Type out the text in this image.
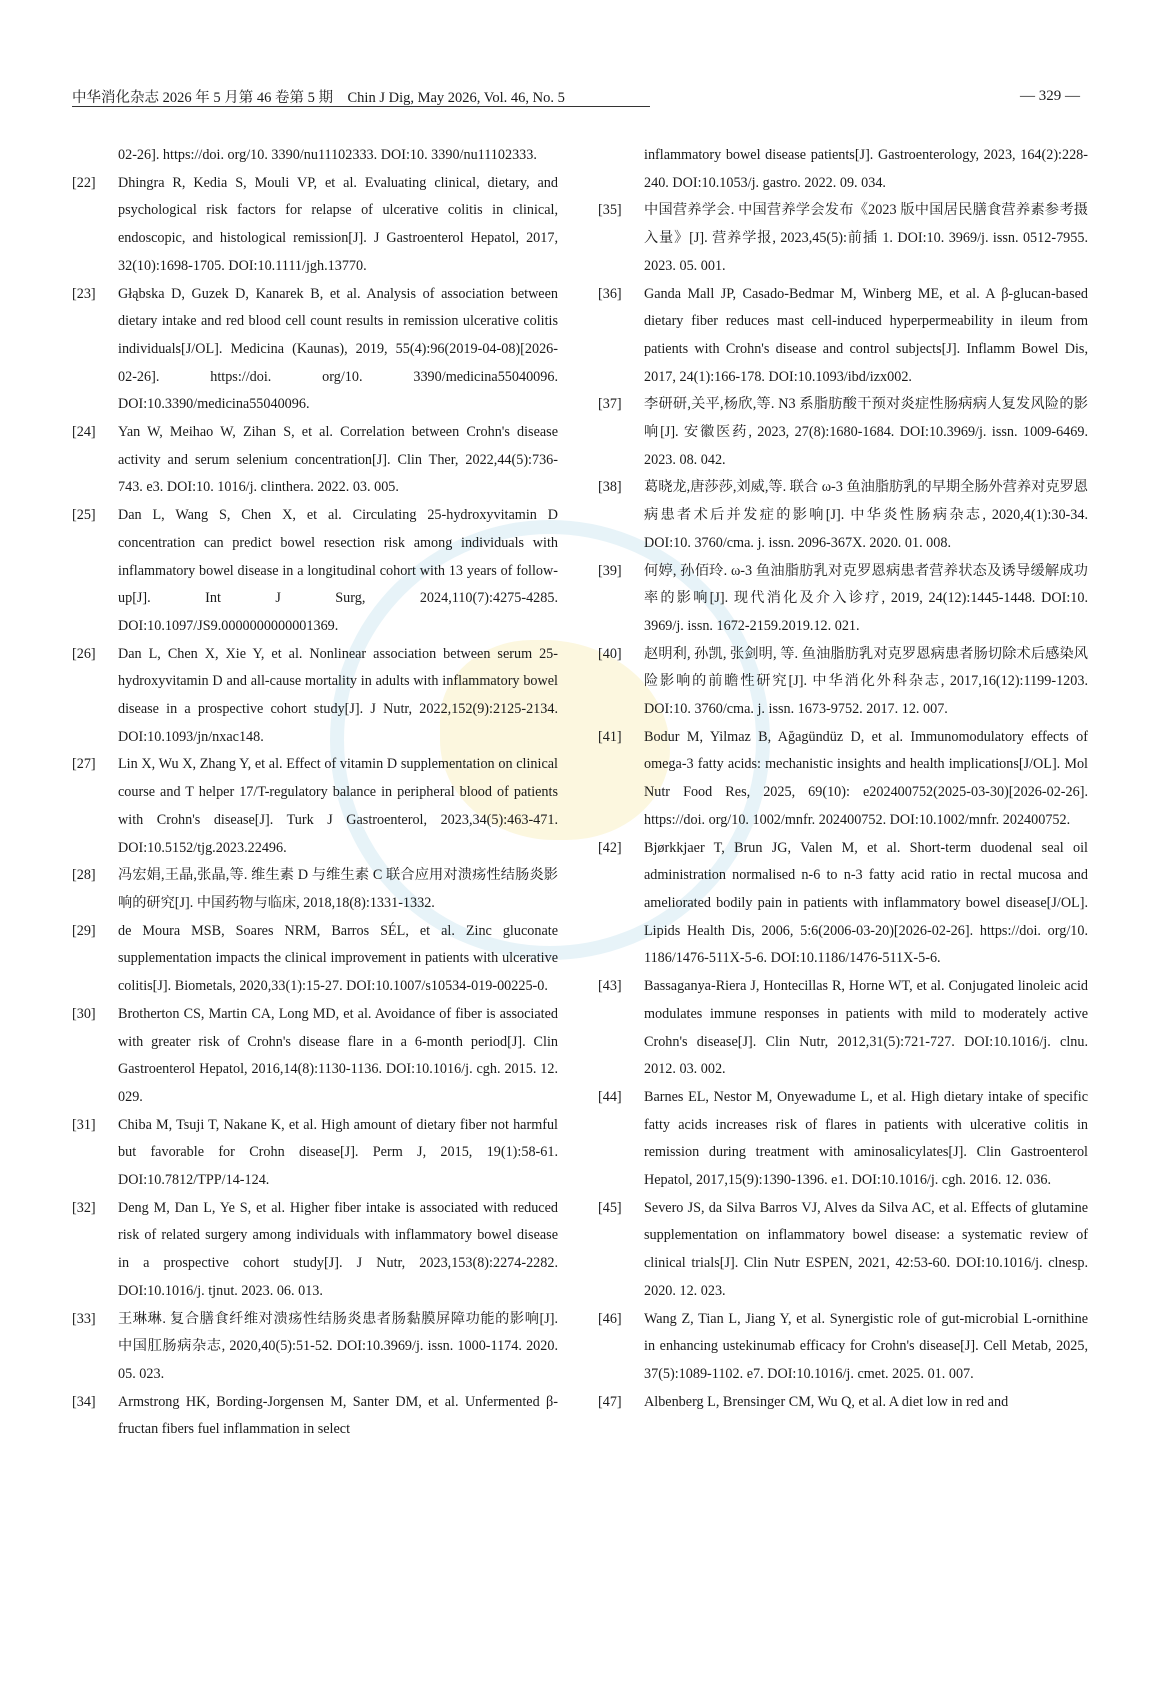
中华消化杂志 2026 年 5 月第 46 卷第 5 期　Chin J Dig, May 2026, Vol. 46, No. 5	— 329 —
02-26]. https://doi. org/10. 3390/nu11102333. DOI:10. 3390/nu11102333.
[22]	Dhingra R, Kedia S, Mouli VP, et al. Evaluating clinical, dietary, and psychological risk factors for relapse of ulcerative colitis in clinical, endoscopic, and histological remission[J]. J Gastroenterol Hepatol, 2017, 32(10):1698-1705. DOI:10.1111/jgh.13770.
[23]	Głąbska D, Guzek D, Kanarek B, et al. Analysis of association between dietary intake and red blood cell count results in remission ulcerative colitis individuals[J/OL]. Medicina (Kaunas), 2019, 55(4):96(2019-04-08)[2026-02-26]. https://doi. org/10. 3390/medicina55040096. DOI:10.3390/medicina55040096.
[24]	Yan W, Meihao W, Zihan S, et al. Correlation between Crohn's disease activity and serum selenium concentration[J]. Clin Ther, 2022,44(5):736-743. e3. DOI:10. 1016/j. clinthera. 2022. 03. 005.
[25]	Dan L, Wang S, Chen X, et al. Circulating 25-hydroxyvitamin D concentration can predict bowel resection risk among individuals with inflammatory bowel disease in a longitudinal cohort with 13 years of follow-up[J]. Int J Surg, 2024,110(7):4275-4285. DOI:10.1097/JS9.0000000000001369.
[26]	Dan L, Chen X, Xie Y, et al. Nonlinear association between serum 25-hydroxyvitamin D and all-cause mortality in adults with inflammatory bowel disease in a prospective cohort study[J]. J Nutr, 2022,152(9):2125-2134. DOI:10.1093/jn/nxac148.
[27]	Lin X, Wu X, Zhang Y, et al. Effect of vitamin D supplementation on clinical course and T helper 17/T-regulatory balance in peripheral blood of patients with Crohn's disease[J]. Turk J Gastroenterol, 2023,34(5):463-471. DOI:10.5152/tjg.2023.22496.
[28]	冯宏娟,王晶,张晶,等. 维生素 D 与维生素 C 联合应用对溃疡性结肠炎影响的研究[J]. 中国药物与临床, 2018,18(8):1331-1332.
[29]	de Moura MSB, Soares NRM, Barros SÉL, et al. Zinc gluconate supplementation impacts the clinical improvement in patients with ulcerative colitis[J]. Biometals, 2020,33(1):15-27. DOI:10.1007/s10534-019-00225-0.
[30]	Brotherton CS, Martin CA, Long MD, et al. Avoidance of fiber is associated with greater risk of Crohn's disease flare in a 6-month period[J]. Clin Gastroenterol Hepatol, 2016,14(8):1130-1136. DOI:10.1016/j. cgh. 2015. 12. 029.
[31]	Chiba M, Tsuji T, Nakane K, et al. High amount of dietary fiber not harmful but favorable for Crohn disease[J]. Perm J, 2015, 19(1):58-61. DOI:10.7812/TPP/14-124.
[32]	Deng M, Dan L, Ye S, et al. Higher fiber intake is associated with reduced risk of related surgery among individuals with inflammatory bowel disease in a prospective cohort study[J]. J Nutr, 2023,153(8):2274-2282. DOI:10.1016/j. tjnut. 2023. 06. 013.
[33]	王琳琳. 复合膳食纤维对溃疡性结肠炎患者肠黏膜屏障功能的影响[J]. 中国肛肠病杂志, 2020,40(5):51-52. DOI:10.3969/j. issn. 1000-1174. 2020. 05. 023.
[34]	Armstrong HK, Bording-Jorgensen M, Santer DM, et al. Unfermented β-fructan fibers fuel inflammation in select
inflammatory bowel disease patients[J]. Gastroenterology, 2023, 164(2):228-240. DOI:10.1053/j. gastro. 2022. 09. 034.
[35]	中国营养学会. 中国营养学会发布《2023 版中国居民膳食营养素参考摄入量》[J]. 营养学报, 2023,45(5):前插 1. DOI:10. 3969/j. issn. 0512-7955. 2023. 05. 001.
[36]	Ganda Mall JP, Casado-Bedmar M, Winberg ME, et al. A β-glucan-based dietary fiber reduces mast cell-induced hyperpermeability in ileum from patients with Crohn's disease and control subjects[J]. Inflamm Bowel Dis, 2017, 24(1):166-178. DOI:10.1093/ibd/izx002.
[37]	李研研,关平,杨欣,等. N3 系脂肪酸干预对炎症性肠病病人复发风险的影响[J]. 安徽医药, 2023, 27(8):1680-1684. DOI:10.3969/j. issn. 1009-6469. 2023. 08. 042.
[38]	葛晓龙,唐莎莎,刘威,等. 联合 ω-3 鱼油脂肪乳的早期全肠外营养对克罗恩病患者术后并发症的影响[J]. 中华炎性肠病杂志, 2020,4(1):30-34. DOI:10. 3760/cma. j. issn. 2096-367X. 2020. 01. 008.
[39]	何婷, 孙佰玲. ω-3 鱼油脂肪乳对克罗恩病患者营养状态及诱导缓解成功率的影响[J]. 现代消化及介入诊疗, 2019, 24(12):1445-1448. DOI:10. 3969/j. issn. 1672-2159.2019.12. 021.
[40]	赵明利, 孙凯, 张剑明, 等. 鱼油脂肪乳对克罗恩病患者肠切除术后感染风险影响的前瞻性研究[J]. 中华消化外科杂志, 2017,16(12):1199-1203. DOI:10. 3760/cma. j. issn. 1673-9752. 2017. 12. 007.
[41]	Bodur M, Yilmaz B, Ağagündüz D, et al. Immunomodulatory effects of omega-3 fatty acids: mechanistic insights and health implications[J/OL]. Mol Nutr Food Res, 2025, 69(10): e202400752(2025-03-30)[2026-02-26]. https://doi. org/10. 1002/mnfr. 202400752. DOI:10.1002/mnfr. 202400752.
[42]	Bjørkkjaer T, Brun JG, Valen M, et al. Short-term duodenal seal oil administration normalised n-6 to n-3 fatty acid ratio in rectal mucosa and ameliorated bodily pain in patients with inflammatory bowel disease[J/OL]. Lipids Health Dis, 2006, 5:6(2006-03-20)[2026-02-26]. https://doi. org/10. 1186/1476-511X-5-6. DOI:10.1186/1476-511X-5-6.
[43]	Bassaganya-Riera J, Hontecillas R, Horne WT, et al. Conjugated linoleic acid modulates immune responses in patients with mild to moderately active Crohn's disease[J]. Clin Nutr, 2012,31(5):721-727. DOI:10.1016/j. clnu. 2012. 03. 002.
[44]	Barnes EL, Nestor M, Onyewadume L, et al. High dietary intake of specific fatty acids increases risk of flares in patients with ulcerative colitis in remission during treatment with aminosalicylates[J]. Clin Gastroenterol Hepatol, 2017,15(9):1390-1396. e1. DOI:10.1016/j. cgh. 2016. 12. 036.
[45]	Severo JS, da Silva Barros VJ, Alves da Silva AC, et al. Effects of glutamine supplementation on inflammatory bowel disease: a systematic review of clinical trials[J]. Clin Nutr ESPEN, 2021, 42:53-60. DOI:10.1016/j. clnesp. 2020. 12. 023.
[46]	Wang Z, Tian L, Jiang Y, et al. Synergistic role of gut-microbial L-ornithine in enhancing ustekinumab efficacy for Crohn's disease[J]. Cell Metab, 2025, 37(5):1089-1102. e7. DOI:10.1016/j. cmet. 2025. 01. 007.
[47]	Albenberg L, Brensinger CM, Wu Q, et al. A diet low in red and
